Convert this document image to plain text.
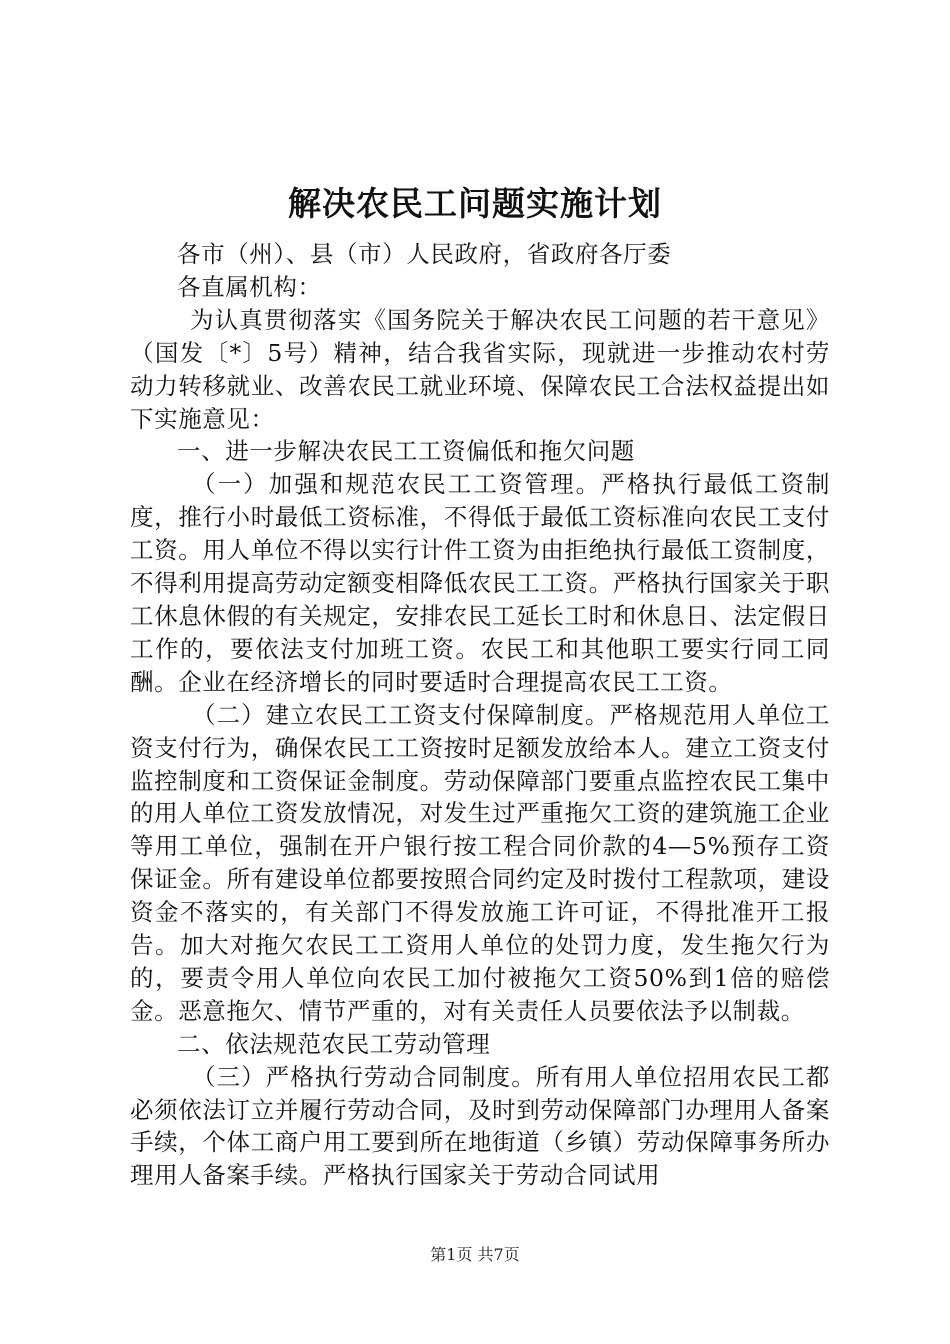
解决农民工问题实施计划

各市（州）、县（市）人民政府，省政府各厅委

各直属机构：

为认真贯彻落实《国务院关于解决农民工问题的若干意见》（国发〔*〕5号）精神，结合我省实际，现就进一步推动农村劳动力转移就业、改善农民工就业环境、保障农民工合法权益提出如下实施意见：

一、进一步解决农民工工资偏低和拖欠问题

（一）加强和规范农民工工资管理。严格执行最低工资制度，推行小时最低工资标准，不得低于最低工资标准向农民工支付工资。用人单位不得以实行计件工资为由拒绝执行最低工资制度，不得利用提高劳动定额变相降低农民工工资。严格执行国家关于职工休息休假的有关规定，安排农民工延长工时和休息日、法定假日工作的，要依法支付加班工资。农民工和其他职工要实行同工同酬。企业在经济增长的同时要适时合理提高农民工工资。

（二）建立农民工工资支付保障制度。严格规范用人单位工资支付行为，确保农民工工资按时足额发放给本人。建立工资支付监控制度和工资保证金制度。劳动保障部门要重点监控农民工集中的用人单位工资发放情况，对发生过严重拖欠工资的建筑施工企业等用工单位，强制在开户银行按工程合同价款的4—5%预存工资保证金。所有建设单位都要按照合同约定及时拨付工程款项，建设资金不落实的，有关部门不得发放施工许可证，不得批准开工报告。加大对拖欠农民工工资用人单位的处罚力度，发生拖欠行为的，要责令用人单位向农民工加付被拖欠工资50%到1倍的赔偿金。恶意拖欠、情节严重的，对有关责任人员要依法予以制裁。

二、依法规范农民工劳动管理

（三）严格执行劳动合同制度。所有用人单位招用农民工都必须依法订立并履行劳动合同，及时到劳动保障部门办理用人备案手续，个体工商户用工要到所在地街道（乡镇）劳动保障事务所办理用人备案手续。严格执行国家关于劳动合同试用

第1页 共7页
